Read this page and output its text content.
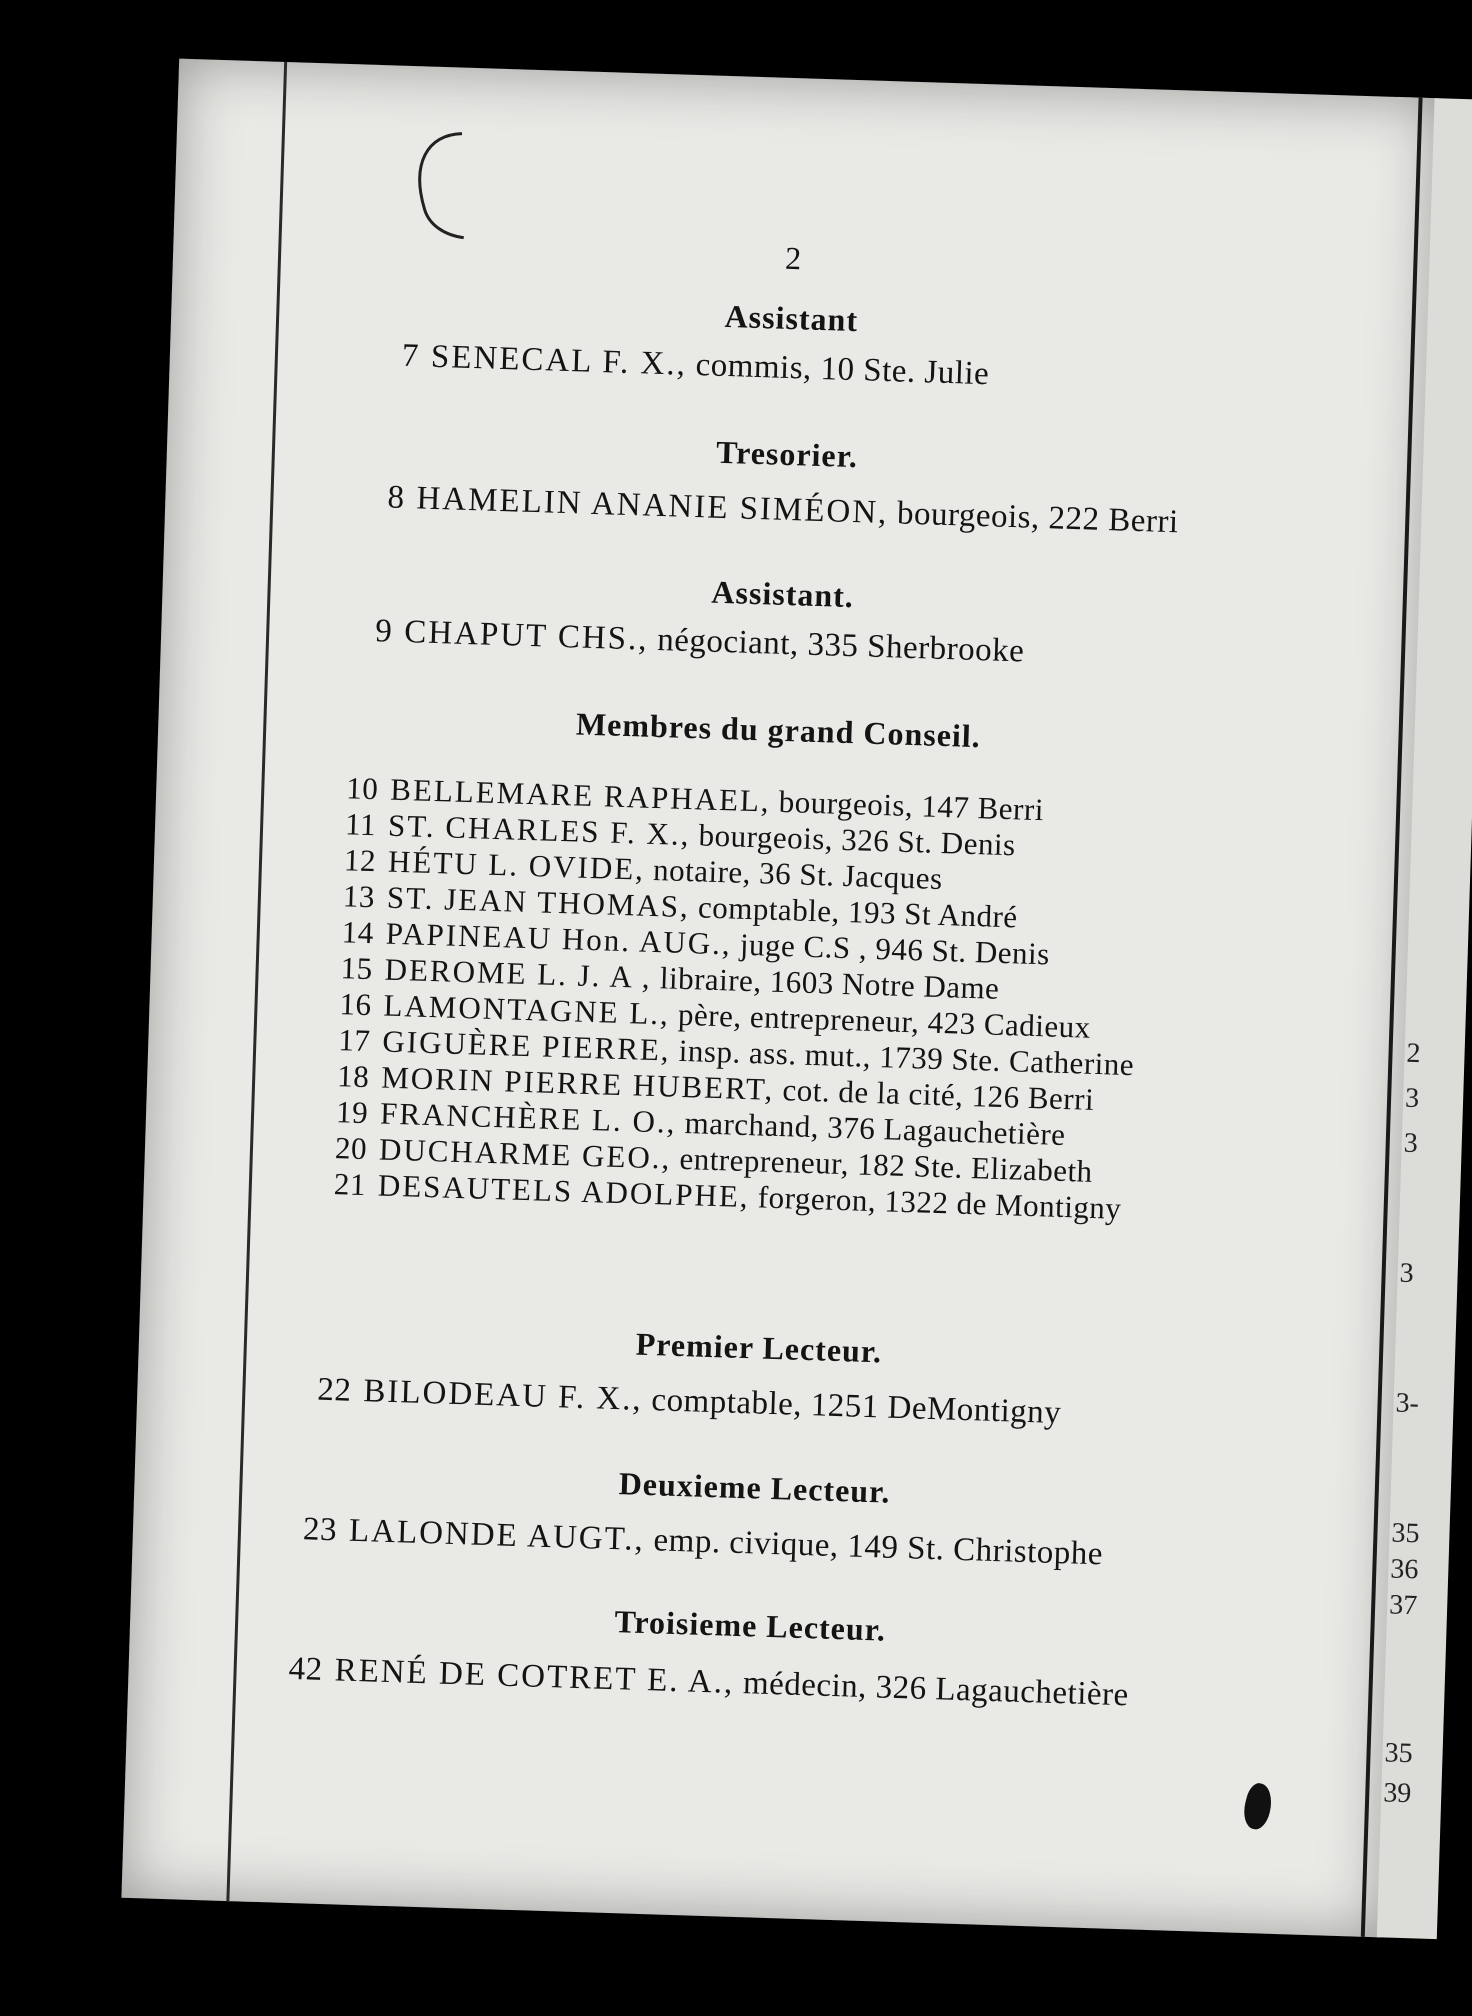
2
Assistant
7 SENECAL F. X., commis, 10 Ste. Julie
Tresorier.
8 HAMELIN ANANIE SIMÉON, bourgeois, 222 Berri
Assistant.
9 CHAPUT CHS., négociant, 335 Sherbrooke
Membres du grand Conseil.
10 BELLEMARE RAPHAEL, bourgeois, 147 Berri
11 ST. CHARLES F. X., bourgeois, 326 St. Denis
12 HÉTU L. OVIDE, notaire, 36 St. Jacques
13 ST. JEAN THOMAS, comptable, 193 St André
14 PAPINEAU Hon. AUG., juge C.S , 946 St. Denis
15 DEROME L. J. A , libraire, 1603 Notre Dame
16 LAMONTAGNE L., père, entrepreneur, 423 Cadieux
17 GIGUÈRE PIERRE, insp. ass. mut., 1739 Ste. Catherine
18 MORIN PIERRE HUBERT, cot. de la cité, 126 Berri
19 FRANCHÈRE L. O., marchand, 376 Lagauchetière
20 DUCHARME GEO., entrepreneur, 182 Ste. Elizabeth
21 DESAUTELS ADOLPHE, forgeron, 1322 de Montigny
Premier Lecteur.
22 BILODEAU F. X., comptable, 1251 DeMontigny
Deuxieme Lecteur.
23 LALONDE AUGT., emp. civique, 149 St. Christophe
Troisieme Lecteur.
42 RENÉ DE COTRET E. A., médecin, 326 Lagauchetière
2
3
3
3
3-
35
36
37
35
39
